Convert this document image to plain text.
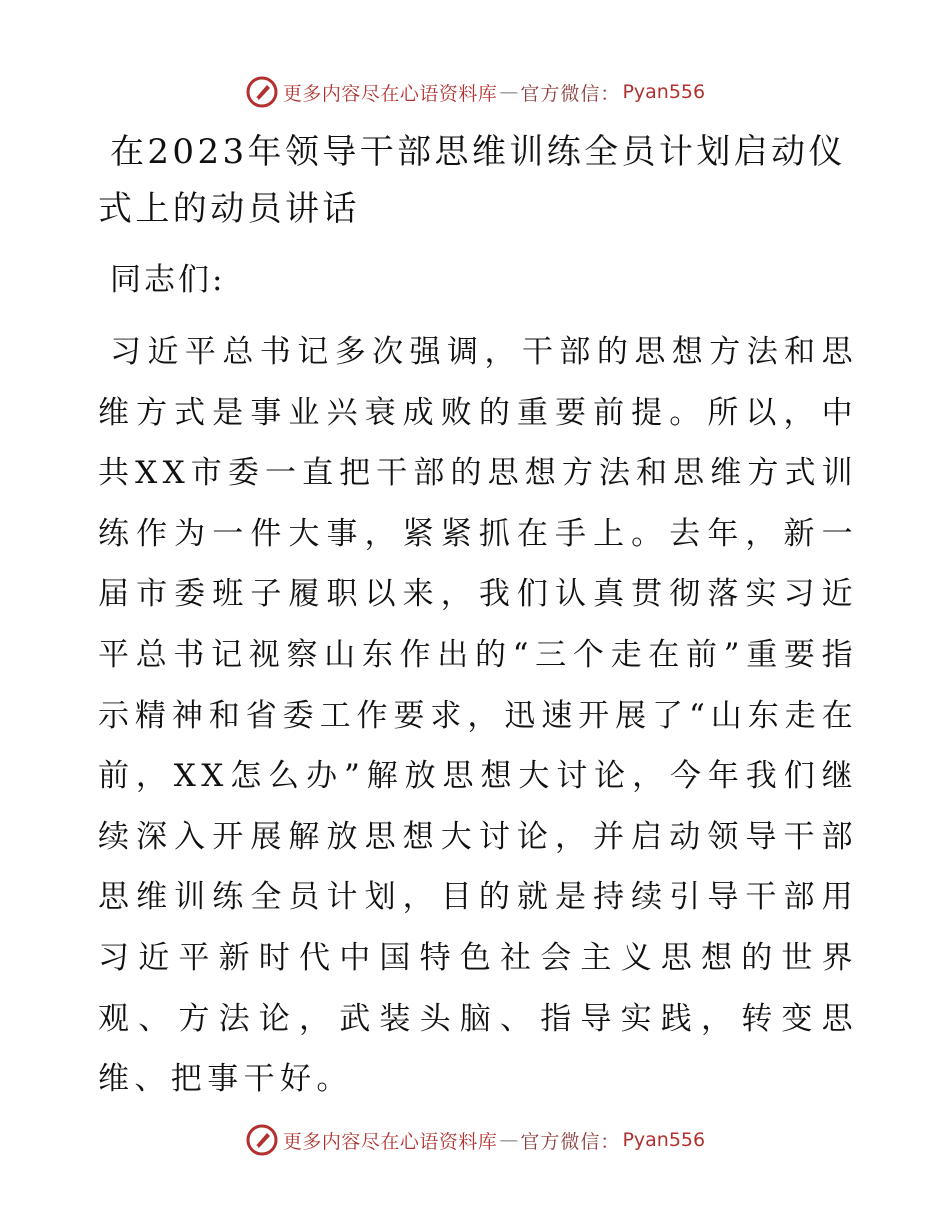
更多内容尽在心语资料库 — 官方微信： Pyan556
在2023年领导干部思维训练全员计划启动仪式上的动员讲话

同志们:

习近平总书记多次强调，干部的思想方法和思维方式是事业兴衰成败的重要前提。所以，中共XX市委一直把干部的思想方法和思维方式训练作为一件大事，紧紧抓在手上。去年，新一届市委班子履职以来，我们认真贯彻落实习近平总书记视察山东作出的“三个走在前”重要指示精神和省委工作要求，迅速开展了“山东走在前，XX怎么办”解放思想大讨论，今年我们继续深入开展解放思想大讨论，并启动领导干部思维训练全员计划，目的就是持续引导干部用习近平新时代中国特色社会主义思想的世界观、方法论，武装头脑、指导实践，转变思维、把事干好。

更多内容尽在心语资料库 — 官方微信： Pyan556
